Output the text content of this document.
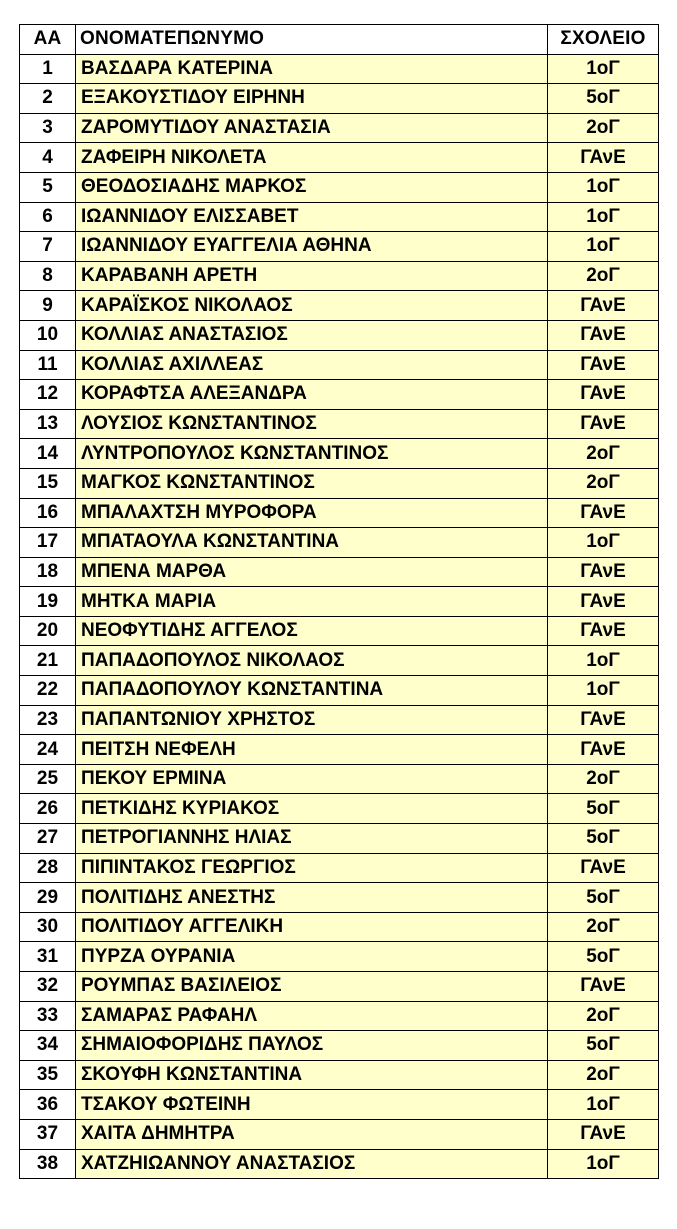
ΑΑ	ΟΝΟΜΑΤΕΠΩΝΥΜΟ	ΣΧΟΛΕΙΟ
1	ΒΑΣΔΑΡΑ ΚΑΤΕΡΙΝΑ	1οΓ
2	ΕΞΑΚΟΥΣΤΙΔΟΥ ΕΙΡΗΝΗ	5οΓ
3	ΖΑΡΟΜΥΤΙΔΟΥ ΑΝΑΣΤΑΣΙΑ	2οΓ
4	ΖΑΦΕΙΡΗ ΝΙΚΟΛΕΤΑ	ΓΑνΕ
5	ΘΕΟΔΟΣΙΑΔΗΣ ΜΑΡΚΟΣ	1οΓ
6	ΙΩΑΝΝΙΔΟΥ ΕΛΙΣΣΑΒΕΤ	1οΓ
7	ΙΩΑΝΝΙΔΟΥ ΕΥΑΓΓΕΛΙΑ ΑΘΗΝΑ	1οΓ
8	ΚΑΡΑΒΑΝΗ ΑΡΕΤΗ	2οΓ
9	ΚΑΡΑΪΣΚΟΣ ΝΙΚΟΛΑΟΣ	ΓΑνΕ
10	ΚΟΛΛΙΑΣ ΑΝΑΣΤΑΣΙΟΣ	ΓΑνΕ
11	ΚΟΛΛΙΑΣ ΑΧΙΛΛΕΑΣ	ΓΑνΕ
12	ΚΟΡΑΦΤΣΑ ΑΛΕΞΑΝΔΡΑ	ΓΑνΕ
13	ΛΟΥΣΙΟΣ ΚΩΝΣΤΑΝΤΙΝΟΣ	ΓΑνΕ
14	ΛΥΝΤΡΟΠΟΥΛΟΣ ΚΩΝΣΤΑΝΤΙΝΟΣ	2οΓ
15	ΜΑΓΚΟΣ ΚΩΝΣΤΑΝΤΙΝΟΣ	2οΓ
16	ΜΠΑΛΑΧΤΣΗ ΜΥΡΟΦΟΡΑ	ΓΑνΕ
17	ΜΠΑΤΑΟΥΛΑ ΚΩΝΣΤΑΝΤΙΝΑ	1οΓ
18	ΜΠΕΝΑ ΜΑΡΘΑ	ΓΑνΕ
19	ΜΗΤΚΑ ΜΑΡΙΑ	ΓΑνΕ
20	ΝΕΟΦΥΤΙΔΗΣ ΑΓΓΕΛΟΣ	ΓΑνΕ
21	ΠΑΠΑΔΟΠΟΥΛΟΣ ΝΙΚΟΛΑΟΣ	1οΓ
22	ΠΑΠΑΔΟΠΟΥΛΟΥ ΚΩΝΣΤΑΝΤΙΝΑ	1οΓ
23	ΠΑΠΑΝΤΩΝΙΟΥ ΧΡΗΣΤΟΣ	ΓΑνΕ
24	ΠΕΙΤΣΗ ΝΕΦΕΛΗ	ΓΑνΕ
25	ΠΕΚΟΥ ΕΡΜΙΝΑ	2οΓ
26	ΠΕΤΚΙΔΗΣ ΚΥΡΙΑΚΟΣ	5οΓ
27	ΠΕΤΡΟΓΙΑΝΝΗΣ ΗΛΙΑΣ	5οΓ
28	ΠΙΠΙΝΤΑΚΟΣ ΓΕΩΡΓΙΟΣ	ΓΑνΕ
29	ΠΟΛΙΤΙΔΗΣ ΑΝΕΣΤΗΣ	5οΓ
30	ΠΟΛΙΤΙΔΟΥ ΑΓΓΕΛΙΚΗ	2οΓ
31	ΠΥΡΖΑ ΟΥΡΑΝΙΑ	5οΓ
32	ΡΟΥΜΠΑΣ ΒΑΣΙΛΕΙΟΣ	ΓΑνΕ
33	ΣΑΜΑΡΑΣ ΡΑΦΑΗΛ	2οΓ
34	ΣΗΜΑΙΟΦΟΡΙΔΗΣ ΠΑΥΛΟΣ	5οΓ
35	ΣΚΟΥΦΗ ΚΩΝΣΤΑΝΤΙΝΑ	2οΓ
36	ΤΣΑΚΟΥ ΦΩΤΕΙΝΗ	1οΓ
37	ΧΑΙΤΑ ΔΗΜΗΤΡΑ	ΓΑνΕ
38	ΧΑΤΖΗΙΩΑΝΝΟΥ ΑΝΑΣΤΑΣΙΟΣ	1οΓ
